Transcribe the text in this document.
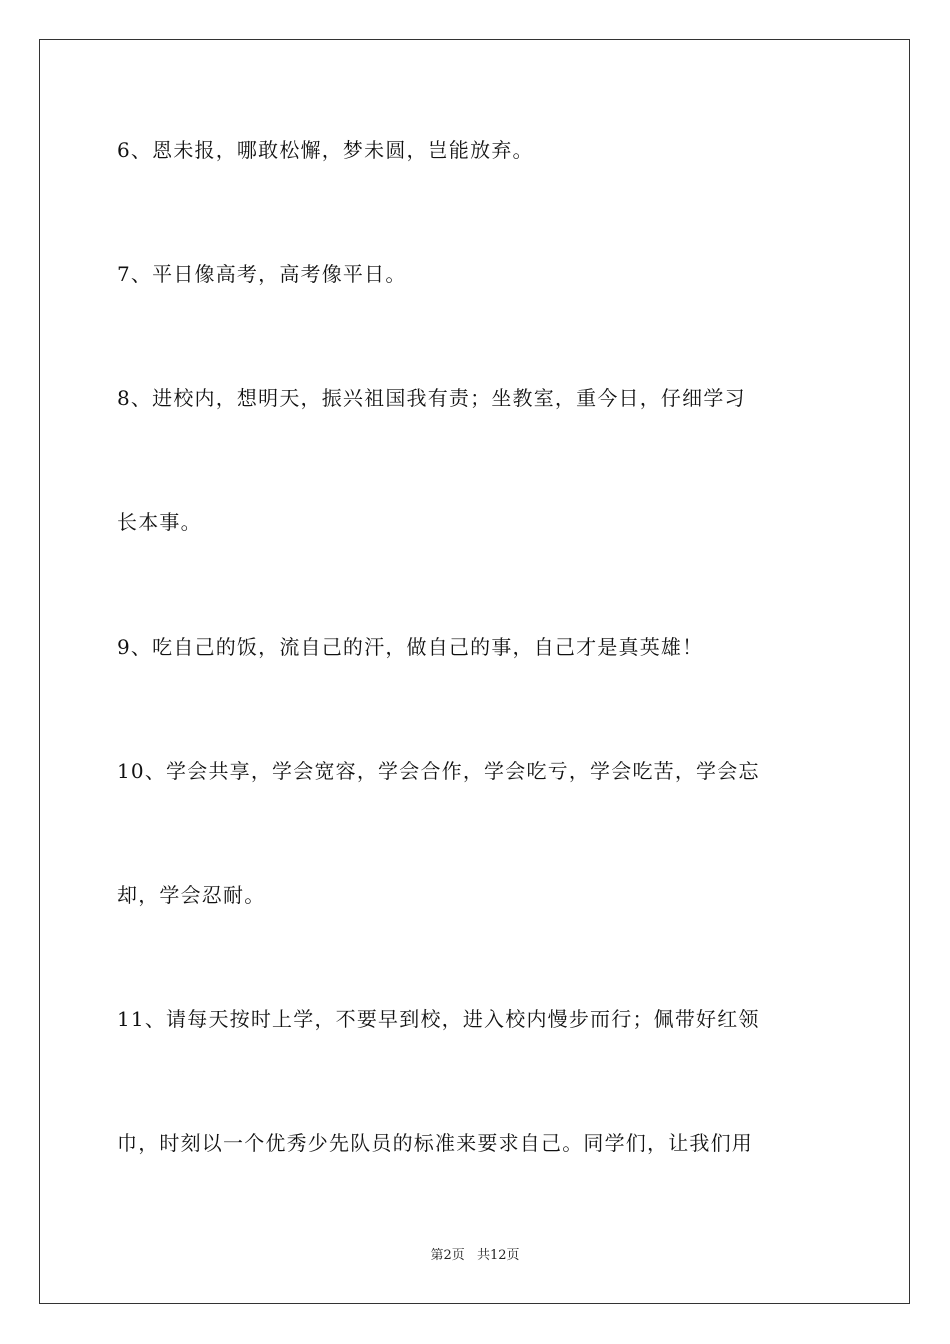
6、恩未报，哪敢松懈，梦未圆，岂能放弃。
7、平日像高考，高考像平日。
8、进校内，想明天，振兴祖国我有责；坐教室，重今日，仔细学习
长本事。
9、吃自己的饭，流自己的汗，做自己的事，自己才是真英雄！
10、学会共享，学会宽容，学会合作，学会吃亏，学会吃苦，学会忘
却，学会忍耐。
11、请每天按时上学，不要早到校，进入校内慢步而行；佩带好红领
巾，时刻以一个优秀少先队员的标准来要求自己。同学们，让我们用
第2页 共12页
